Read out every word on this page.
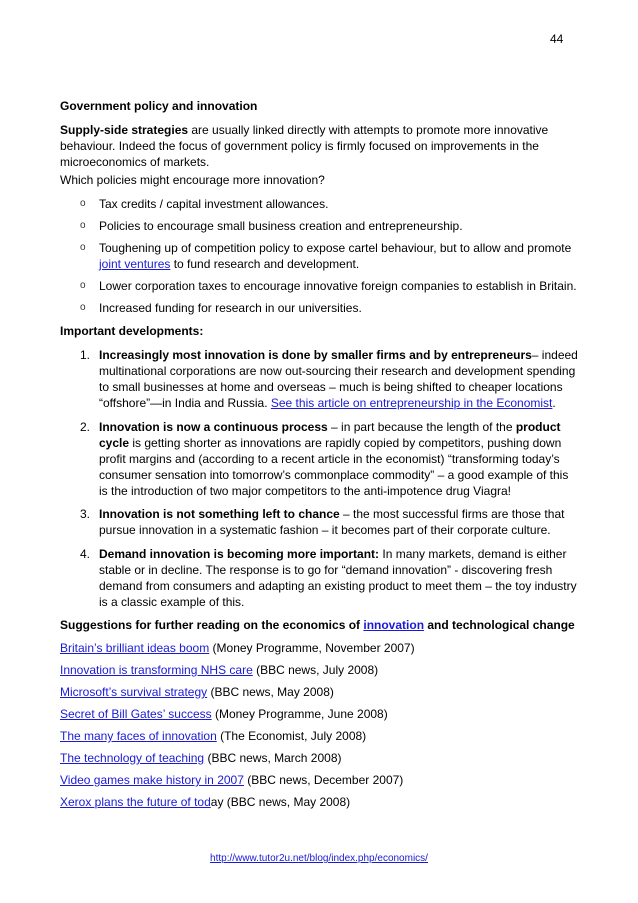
44
Government policy and innovation
Supply-side strategies are usually linked directly with attempts to promote more innovative behaviour. Indeed the focus of government policy is firmly focused on improvements in the microeconomics of markets.
Which policies might encourage more innovation?
o Tax credits / capital investment allowances.
o Policies to encourage small business creation and entrepreneurship.
o Toughening up of competition policy to expose cartel behaviour, but to allow and promote joint ventures to fund research and development.
o Lower corporation taxes to encourage innovative foreign companies to establish in Britain.
o Increased funding for research in our universities.
Important developments:
1. Increasingly most innovation is done by smaller firms and by entrepreneurs– indeed multinational corporations are now out-sourcing their research and development spending to small businesses at home and overseas – much is being shifted to cheaper locations “offshore”—in India and Russia. See this article on entrepreneurship in the Economist.
2. Innovation is now a continuous process – in part because the length of the product cycle is getting shorter as innovations are rapidly copied by competitors, pushing down profit margins and (according to a recent article in the economist) “transforming today’s consumer sensation into tomorrow’s commonplace commodity” – a good example of this is the introduction of two major competitors to the anti-impotence drug Viagra!
3. Innovation is not something left to chance – the most successful firms are those that pursue innovation in a systematic fashion – it becomes part of their corporate culture.
4. Demand innovation is becoming more important: In many markets, demand is either stable or in decline. The response is to go for “demand innovation” - discovering fresh demand from consumers and adapting an existing product to meet them – the toy industry is a classic example of this.
Suggestions for further reading on the economics of innovation and technological change
Britain’s brilliant ideas boom (Money Programme, November 2007)
Innovation is transforming NHS care (BBC news, July 2008)
Microsoft’s survival strategy (BBC news, May 2008)
Secret of Bill Gates’ success (Money Programme, June 2008)
The many faces of innovation (The Economist, July 2008)
The technology of teaching (BBC news, March 2008)
Video games make history in 2007 (BBC news, December 2007)
Xerox plans the future of today (BBC news, May 2008)
http://www.tutor2u.net/blog/index.php/economics/
